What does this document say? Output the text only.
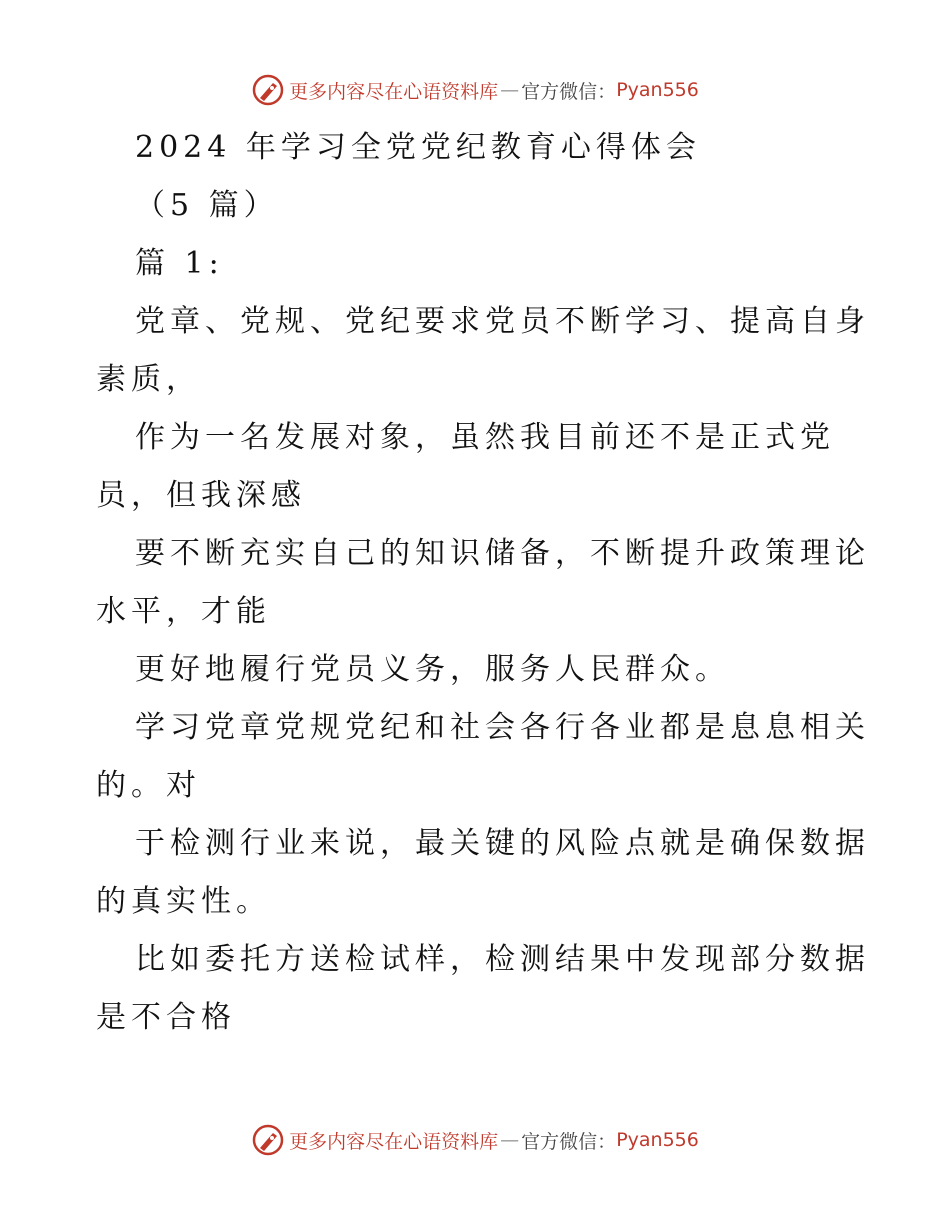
更多内容尽在心语资料库 — 官方微信： Pyan556
2024 年学习全党党纪教育心得体会
（5 篇）
篇 1:
党章、党规、党纪要求党员不断学习、提高自身
素质，
作为一名发展对象，虽然我目前还不是正式党
员，但我深感
要不断充实自己的知识储备，不断提升政策理论
水平，才能
更好地履行党员义务，服务人民群众。
学习党章党规党纪和社会各行各业都是息息相关
的。对
于检测行业来说，最关键的风险点就是确保数据
的真实性。
比如委托方送检试样，检测结果中发现部分数据
是不合格
更多内容尽在心语资料库 — 官方微信： Pyan556
